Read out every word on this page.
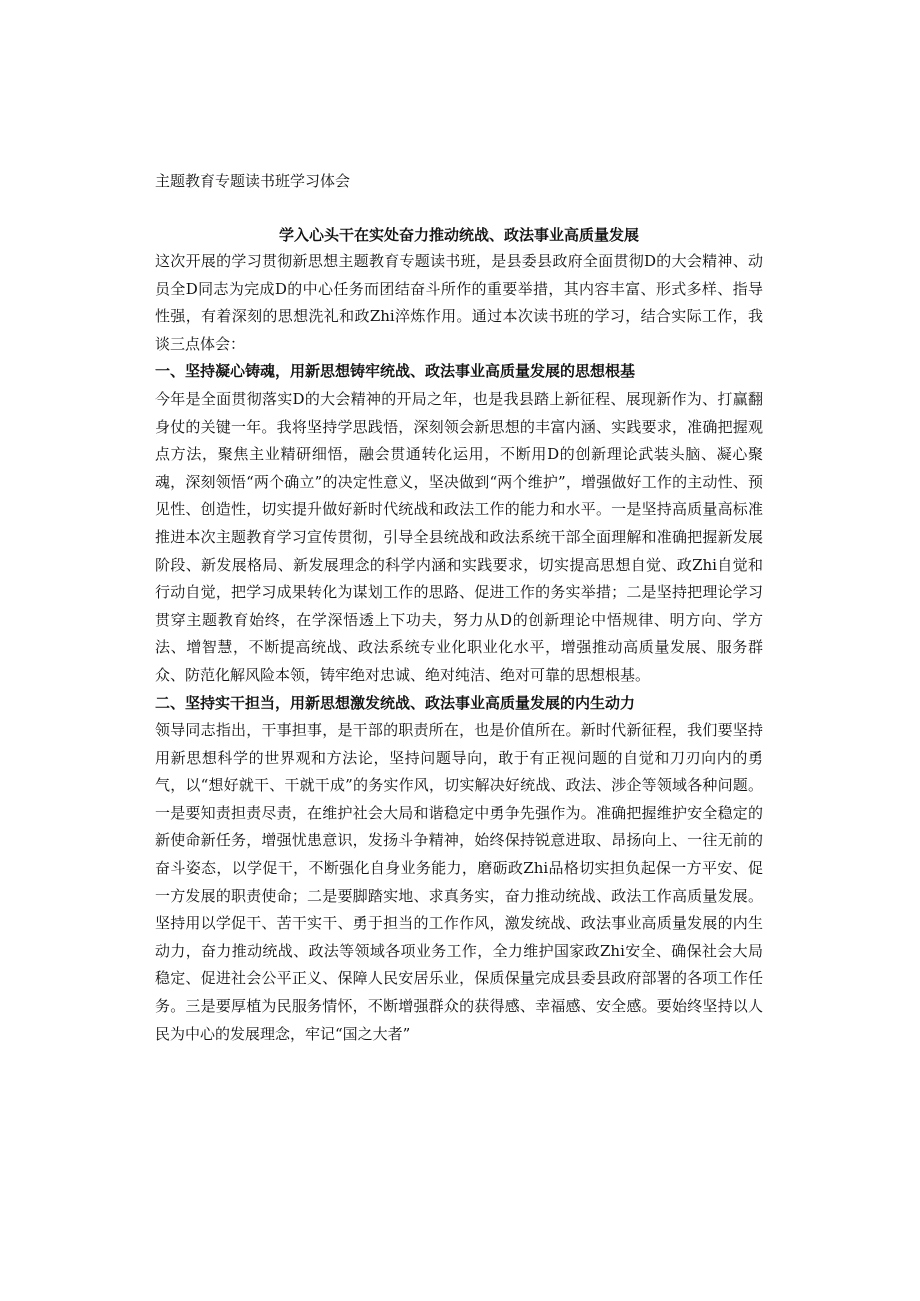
主题教育专题读书班学习体会

学入心头干在实处奋力推动统战、政法事业高质量发展

这次开展的学习贯彻新思想主题教育专题读书班，是县委县政府全面贯彻D的大会精神、动员全D同志为完成D的中心任务而团结奋斗所作的重要举措，其内容丰富、形式多样、指导性强，有着深刻的思想洗礼和政Zhi淬炼作用。通过本次读书班的学习，结合实际工作，我谈三点体会：

一、坚持凝心铸魂，用新思想铸牢统战、政法事业高质量发展的思想根基

今年是全面贯彻落实D的大会精神的开局之年，也是我县踏上新征程、展现新作为、打赢翻身仗的关键一年。我将坚持学思践悟，深刻领会新思想的丰富内涵、实践要求，准确把握观点方法，聚焦主业精研细悟，融会贯通转化运用，不断用D的创新理论武装头脑、凝心聚魂，深刻领悟“两个确立”的决定性意义，坚决做到“两个维护”，增强做好工作的主动性、预见性、创造性，切实提升做好新时代统战和政法工作的能力和水平。一是坚持高质量高标准推进本次主题教育学习宣传贯彻，引导全县统战和政法系统干部全面理解和准确把握新发展阶段、新发展格局、新发展理念的科学内涵和实践要求，切实提高思想自觉、政Zhi自觉和行动自觉，把学习成果转化为谋划工作的思路、促进工作的务实举措；二是坚持把理论学习贯穿主题教育始终，在学深悟透上下功夫，努力从D的创新理论中悟规律、明方向、学方法、增智慧，不断提高统战、政法系统专业化职业化水平，增强推动高质量发展、服务群众、防范化解风险本领，铸牢绝对忠诚、绝对纯洁、绝对可靠的思想根基。

二、坚持实干担当，用新思想激发统战、政法事业高质量发展的内生动力

领导同志指出，干事担事，是干部的职责所在，也是价值所在。新时代新征程，我们要坚持用新思想科学的世界观和方法论，坚持问题导向，敢于有正视问题的自觉和刀刃向内的勇气，以“想好就干、干就干成”的务实作风，切实解决好统战、政法、涉企等领域各种问题。一是要知责担责尽责，在维护社会大局和谐稳定中勇争先强作为。准确把握维护安全稳定的新使命新任务，增强忧患意识，发扬斗争精神，始终保持锐意进取、昂扬向上、一往无前的奋斗姿态，以学促干，不断强化自身业务能力，磨砺政Zhi品格切实担负起保一方平安、促一方发展的职责使命；二是要脚踏实地、求真务实，奋力推动统战、政法工作高质量发展。坚持用以学促干、苦干实干、勇于担当的工作作风，激发统战、政法事业高质量发展的内生动力，奋力推动统战、政法等领域各项业务工作，全力维护国家政Zhi安全、确保社会大局稳定、促进社会公平正义、保障人民安居乐业，保质保量完成县委县政府部署的各项工作任务。三是要厚植为民服务情怀，不断增强群众的获得感、幸福感、安全感。要始终坚持以人民为中心的发展理念，牢记“国之大者”
